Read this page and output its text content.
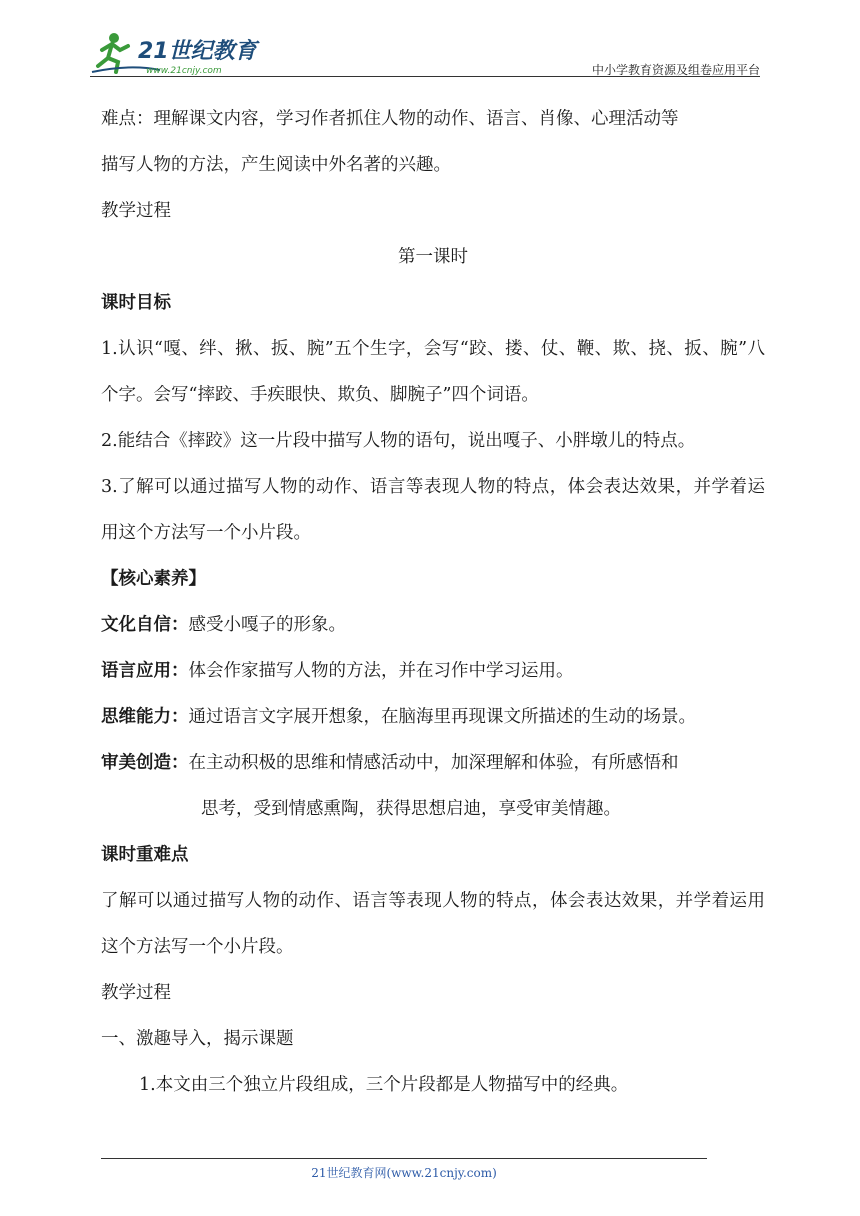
21世纪教育
www.21cnjy.com	中小学教育资源及组卷应用平台

难点：理解课文内容，学习作者抓住人物的动作、语言、肖像、心理活动等

描写人物的方法，产生阅读中外名著的兴趣。

教学过程

第一课时

课时目标

1.认识“嘎、绊、揪、扳、腕”五个生字，会写“跤、搂、仗、鞭、欺、挠、扳、腕”八个字。会写“摔跤、手疾眼快、欺负、脚腕子”四个词语。

2.能结合《摔跤》这一片段中描写人物的语句，说出嘎子、小胖墩儿的特点。

3.了解可以通过描写人物的动作、语言等表现人物的特点，体会表达效果，并学着运用这个方法写一个小片段。

【核心素养】

文化自信：感受小嘎子的形象。

语言应用：体会作家描写人物的方法，并在习作中学习运用。

思维能力：通过语言文字展开想象，在脑海里再现课文所描述的生动的场景。

审美创造：在主动积极的思维和情感活动中，加深理解和体验，有所感悟和

思考，受到情感熏陶，获得思想启迪，享受审美情趣。

课时重难点

了解可以通过描写人物的动作、语言等表现人物的特点，体会表达效果，并学着运用这个方法写一个小片段。

教学过程

一、激趣导入，揭示课题

1.本文由三个独立片段组成，三个片段都是人物描写中的经典。

21世纪教育网(www.21cnjy.com)
